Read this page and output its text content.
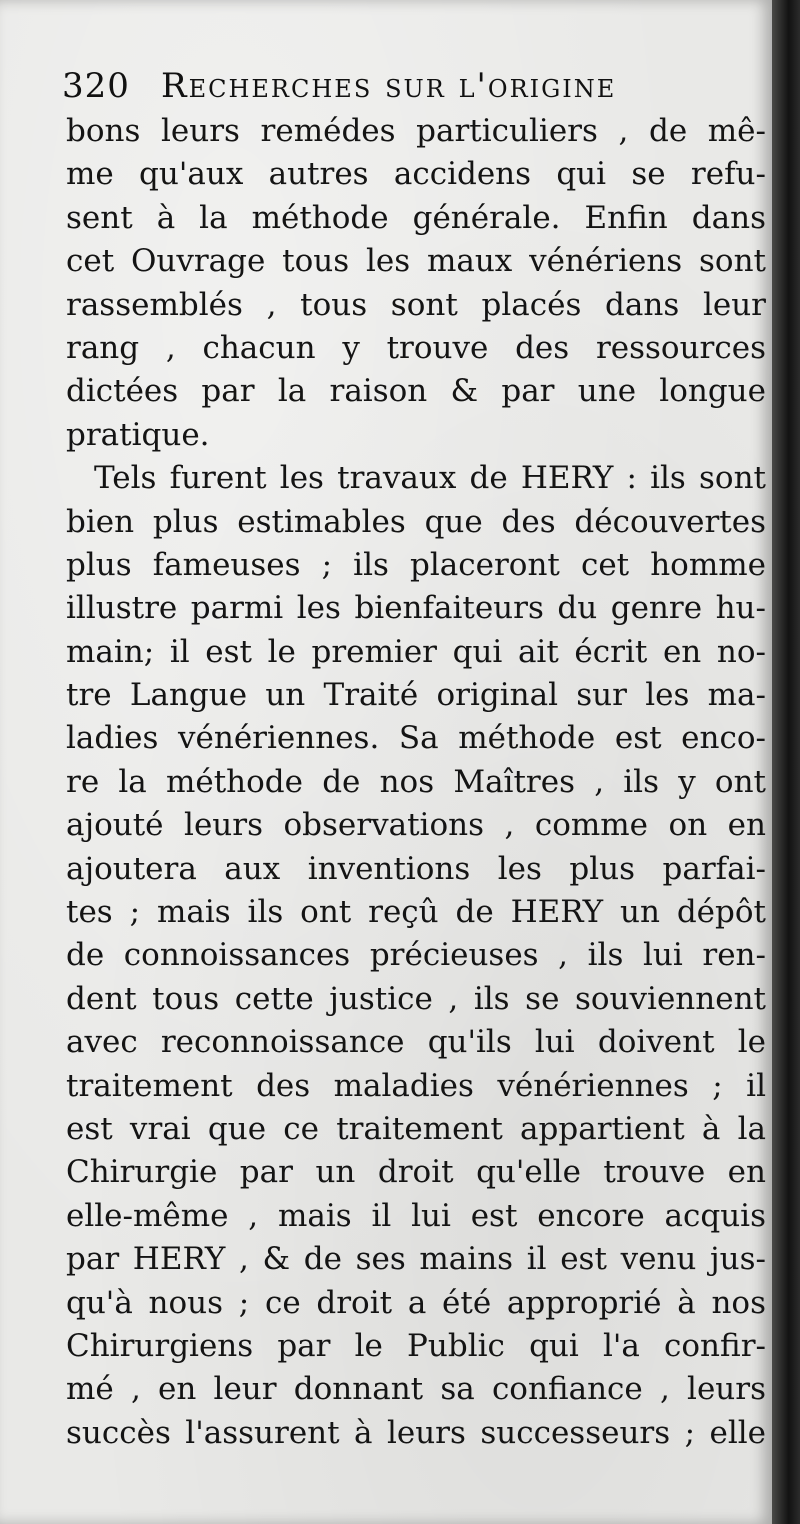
320 Recherches sur l'origine
bons leurs remédes particuliers , de mê-
me qu'aux autres accidens qui se refu-
sent à la méthode générale. Enfin dans
cet Ouvrage tous les maux vénériens sont
rassemblés , tous sont placés dans leur
rang , chacun y trouve des ressources
dictées par la raison & par une longue
pratique.
Tels furent les travaux de HERY : ils sont
bien plus estimables que des découvertes
plus fameuses ; ils placeront cet homme
illustre parmi les bienfaiteurs du genre hu-
main; il est le premier qui ait écrit en no-
tre Langue un Traité original sur les ma-
ladies vénériennes. Sa méthode est enco-
re la méthode de nos Maîtres , ils y ont
ajouté leurs observations , comme on en
ajoutera aux inventions les plus parfai-
tes ; mais ils ont reçû de HERY un dépôt
de connoissances précieuses , ils lui ren-
dent tous cette justice , ils se souviennent
avec reconnoissance qu'ils lui doivent le
traitement des maladies vénériennes ; il
est vrai que ce traitement appartient à la
Chirurgie par un droit qu'elle trouve en
elle-même , mais il lui est encore acquis
par HERY , & de ses mains il est venu jus-
qu'à nous ; ce droit a été approprié à nos
Chirurgiens par le Public qui l'a confir-
mé , en leur donnant sa confiance , leurs
succès l'assurent à leurs successeurs ; elle
